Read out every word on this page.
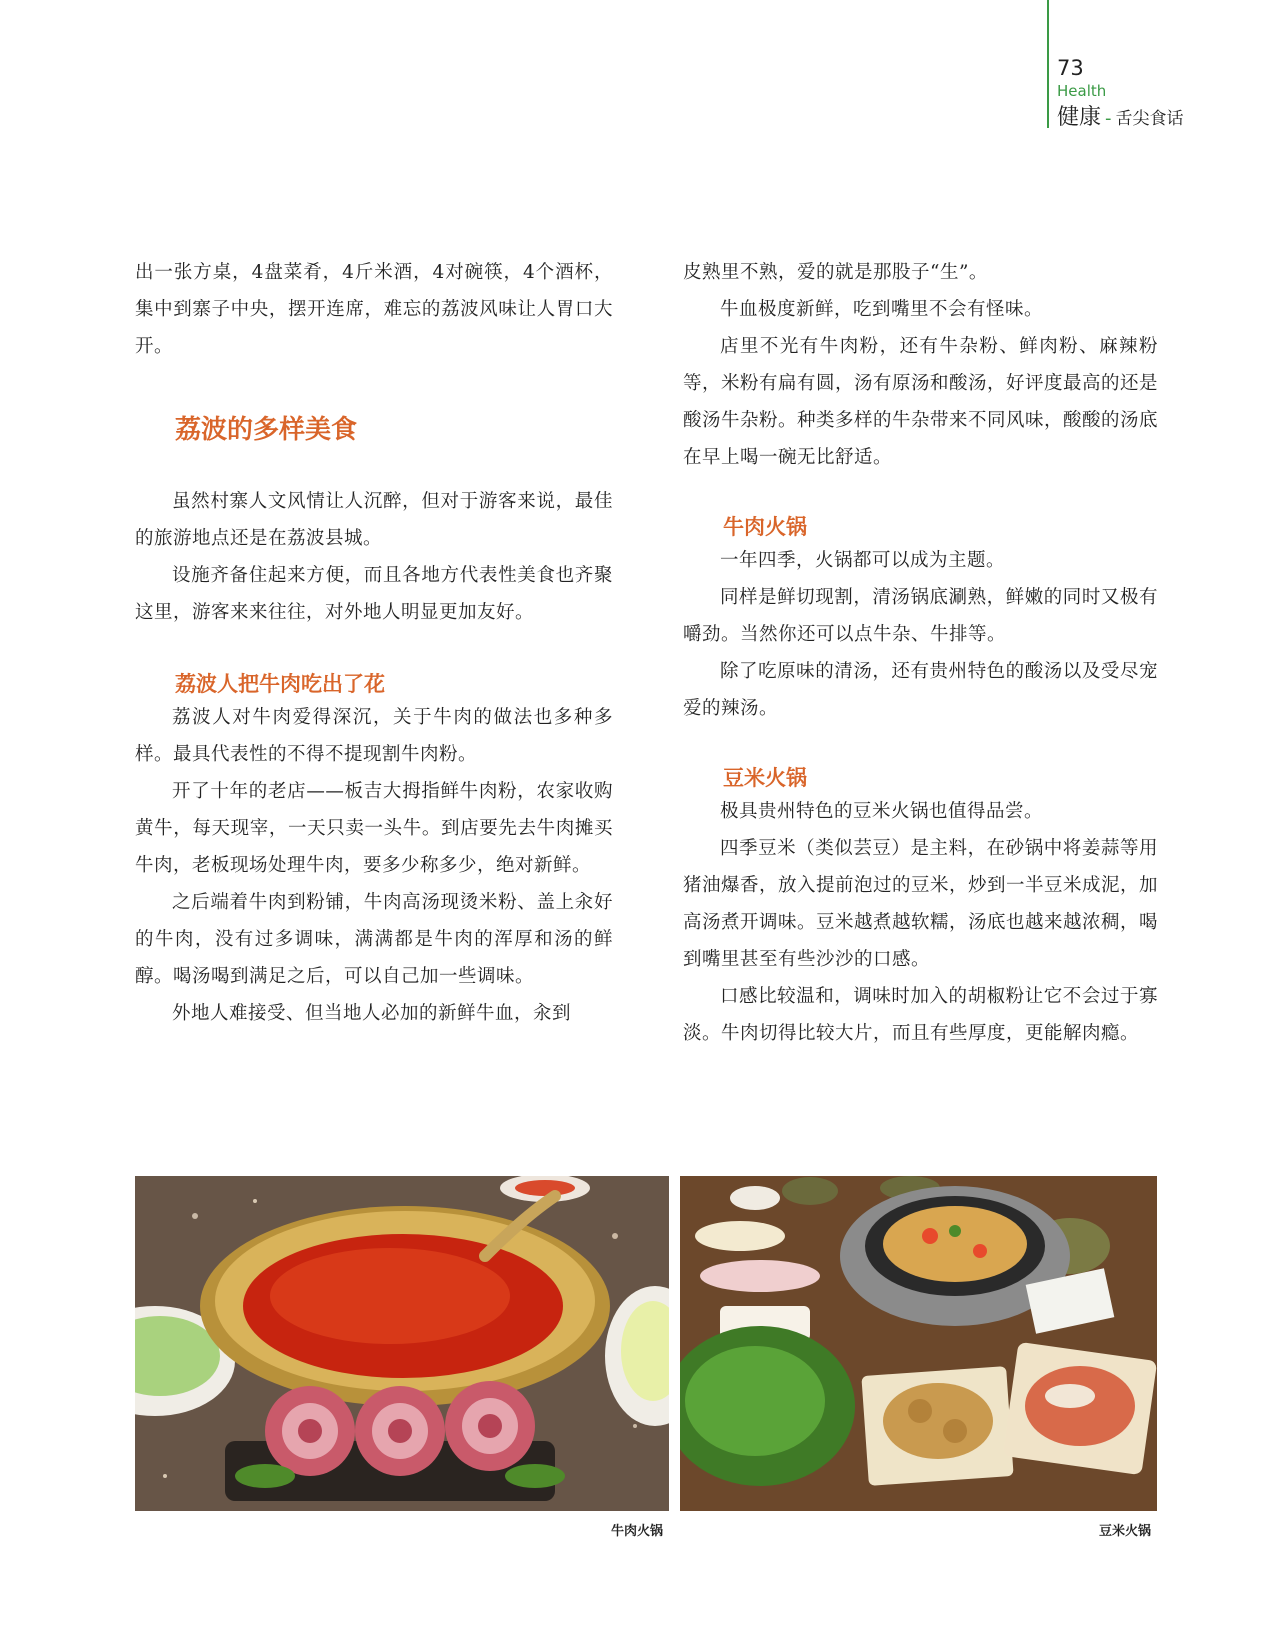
73
Health
健康 - 舌尖食话

出一张方桌，4盘菜肴，4斤米酒，4对碗筷，4个酒杯，集中到寨子中央，摆开连席，难忘的荔波风味让人胃口大开。

荔波的多样美食

虽然村寨人文风情让人沉醉，但对于游客来说，最佳的旅游地点还是在荔波县城。

设施齐备住起来方便，而且各地方代表性美食也齐聚这里，游客来来往往，对外地人明显更加友好。

荔波人把牛肉吃出了花

荔波人对牛肉爱得深沉，关于牛肉的做法也多种多样。最具代表性的不得不提现割牛肉粉。

开了十年的老店——板吉大拇指鲜牛肉粉，农家收购黄牛，每天现宰，一天只卖一头牛。到店要先去牛肉摊买牛肉，老板现场处理牛肉，要多少称多少，绝对新鲜。

之后端着牛肉到粉铺，牛肉高汤现烫米粉、盖上汆好的牛肉，没有过多调味，满满都是牛肉的浑厚和汤的鲜醇。喝汤喝到满足之后，可以自己加一些调味。

外地人难接受、但当地人必加的新鲜牛血，汆到

皮熟里不熟，爱的就是那股子“生”。

牛血极度新鲜，吃到嘴里不会有怪味。

店里不光有牛肉粉，还有牛杂粉、鲜肉粉、麻辣粉等，米粉有扁有圆，汤有原汤和酸汤，好评度最高的还是酸汤牛杂粉。种类多样的牛杂带来不同风味，酸酸的汤底在早上喝一碗无比舒适。

牛肉火锅

一年四季，火锅都可以成为主题。

同样是鲜切现割，清汤锅底涮熟，鲜嫩的同时又极有嚼劲。当然你还可以点牛杂、牛排等。

除了吃原味的清汤，还有贵州特色的酸汤以及受尽宠爱的辣汤。

豆米火锅

极具贵州特色的豆米火锅也值得品尝。

四季豆米（类似芸豆）是主料，在砂锅中将姜蒜等用猪油爆香，放入提前泡过的豆米，炒到一半豆米成泥，加高汤煮开调味。豆米越煮越软糯，汤底也越来越浓稠，喝到嘴里甚至有些沙沙的口感。

口感比较温和，调味时加入的胡椒粉让它不会过于寡淡。牛肉切得比较大片，而且有些厚度，更能解肉瘾。

牛肉火锅	豆米火锅
